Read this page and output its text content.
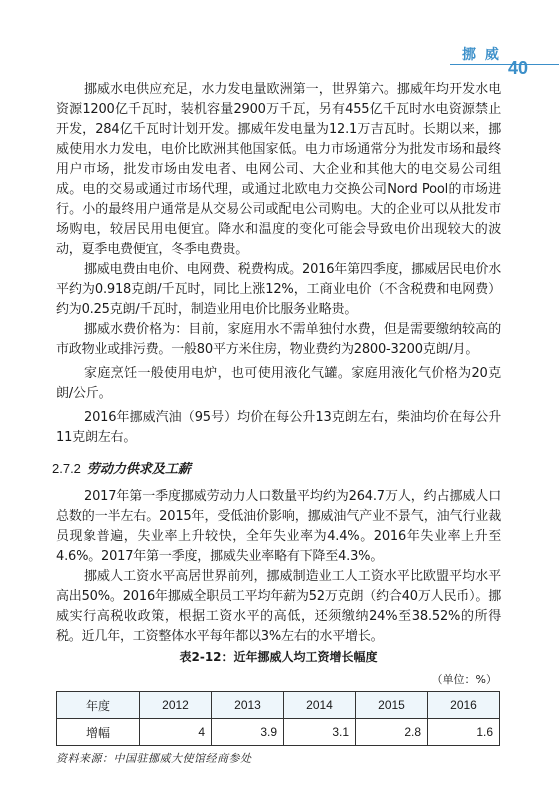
挪 威
40

挪威水电供应充足，水力发电量欧洲第一，世界第六。挪威年均开发水电资源1200亿千瓦时，装机容量2900万千瓦，另有455亿千瓦时水电资源禁止开发，284亿千瓦时计划开发。挪威年发电量为12.1万吉瓦时。长期以来，挪威使用水力发电，电价比欧洲其他国家低。电力市场通常分为批发市场和最终用户市场，批发市场由发电者、电网公司、大企业和其他大的电交易公司组成。电的交易或通过市场代理，或通过北欧电力交换公司Nord Pool的市场进行。小的最终用户通常是从交易公司或配电公司购电。大的企业可以从批发市场购电，较居民用电便宜。降水和温度的变化可能会导致电价出现较大的波动，夏季电费便宜，冬季电费贵。

挪威电费由电价、电网费、税费构成。2016年第四季度，挪威居民电价水平约为0.918克朗/千瓦时，同比上涨12%，工商业电价（不含税费和电网费）约为0.25克朗/千瓦时，制造业用电价比服务业略贵。

挪威水费价格为：目前，家庭用水不需单独付水费，但是需要缴纳较高的市政物业或排污费。一般80平方米住房，物业费约为2800-3200克朗/月。

家庭烹饪一般使用电炉，也可使用液化气罐。家庭用液化气价格为20克朗/公斤。

2016年挪威汽油（95号）均价在每公升13克朗左右，柴油均价在每公升11克朗左右。

2.7.2 劳动力供求及工薪

2017年第一季度挪威劳动力人口数量平均约为264.7万人，约占挪威人口总数的一半左右。2015年，受低油价影响，挪威油气产业不景气，油气行业裁员现象普遍，失业率上升较快，全年失业率为4.4%。2016年失业率上升至4.6%。2017年第一季度，挪威失业率略有下降至4.3%。

挪威人工资水平高居世界前列，挪威制造业工人工资水平比欧盟平均水平高出50%。2016年挪威全职员工平均年薪为52万克朗（约合40万人民币）。挪威实行高税收政策，根据工资水平的高低，还须缴纳24%至38.52%的所得税。近几年，工资整体水平每年都以3%左右的水平增长。

表2-12：近年挪威人均工资增长幅度
（单位：%）
年度	2012	2013	2014	2015	2016
增幅	4	3.9	3.1	2.8	1.6
资料来源：中国驻挪威大使馆经商参处
